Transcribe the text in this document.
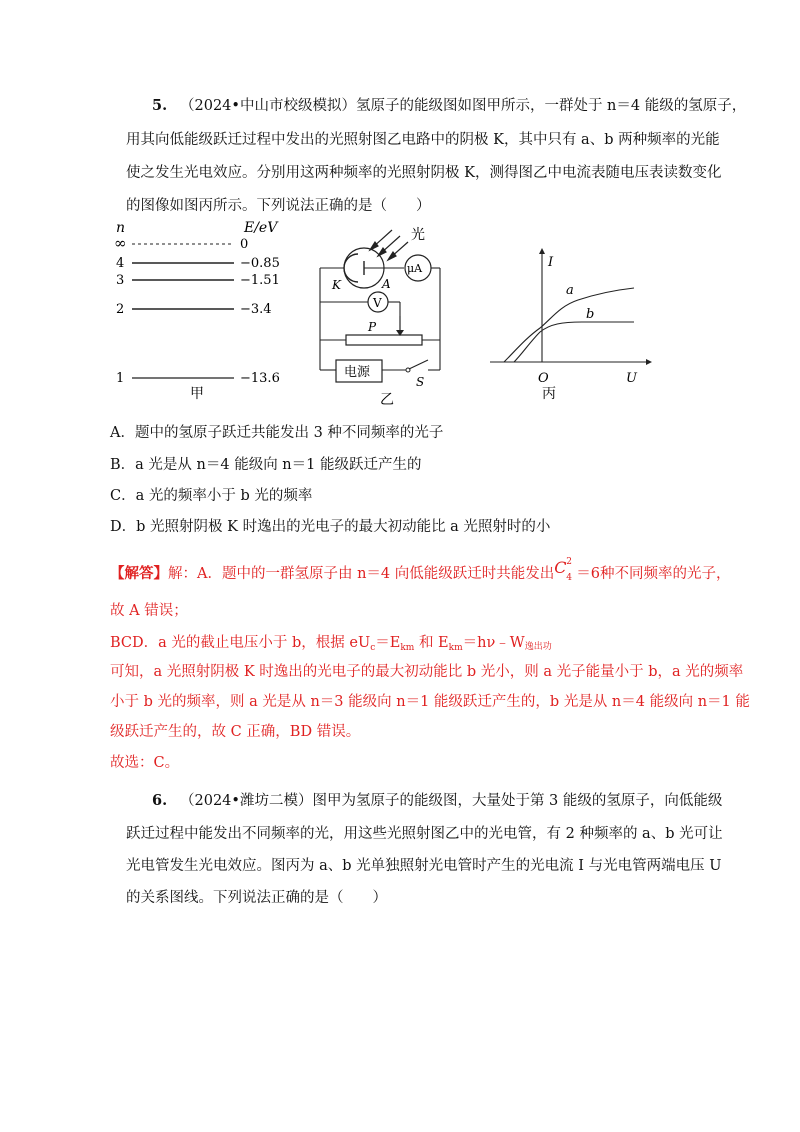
5. （2024•中山市校级模拟）氢原子的能级图如图甲所示，一群处于 n＝4 能级的氢原子，
用其向低能级跃迁过程中发出的光照射图乙电路中的阴极 K，其中只有 a、b 两种频率的光能
使之发生光电效应。分别用这两种频率的光照射阴极 K，测得图乙中电流表随电压表读数变化
的图像如图丙所示。下列说法正确的是（　　）
n	E/eV
∞	0
4	−0.85
3	−1.51
2	−3.4
1	−13.6
甲
光
K	A
μA
V
P
电源
S
乙
I
U
O
a
b
丙
A．题中的氢原子跃迁共能发出 3 种不同频率的光子
B．a 光是从 n＝4 能级向 n＝1 能级跃迁产生的
C．a 光的频率小于 b 光的频率
D．b 光照射阴极 K 时逸出的光电子的最大初动能比 a 光照射时的小
【解答】解：A．题中的一群氢原子由 n＝4 向低能级跃迁时共能发出 C 2
4 ＝6种不同频率的光子，
故 A 错误；
BCD．a 光的截止电压小于 b，根据 $eU_c=E_{km}$ 和 $E_{km}=h\nu﹣W$逸出功
可知，a 光照射阴极 K 时逸出的光电子的最大初动能比 b 光小，则 a 光子能量小于 b，a 光的频率
小于 b 光的频率，则 a 光是从 n＝3 能级向 n＝1 能级跃迁产生的，b 光是从 n＝4 能级向 n＝1 能
级跃迁产生的，故 C 正确，BD 错误。
故选：C。
6. （2024•潍坊二模）图甲为氢原子的能级图，大量处于第 3 能级的氢原子，向低能级
跃迁过程中能发出不同频率的光，用这些光照射图乙中的光电管，有 2 种频率的 a、b 光可让
光电管发生光电效应。图丙为 a、b 光单独照射光电管时产生的光电流 I 与光电管两端电压 U
的关系图线。下列说法正确的是（　　）
